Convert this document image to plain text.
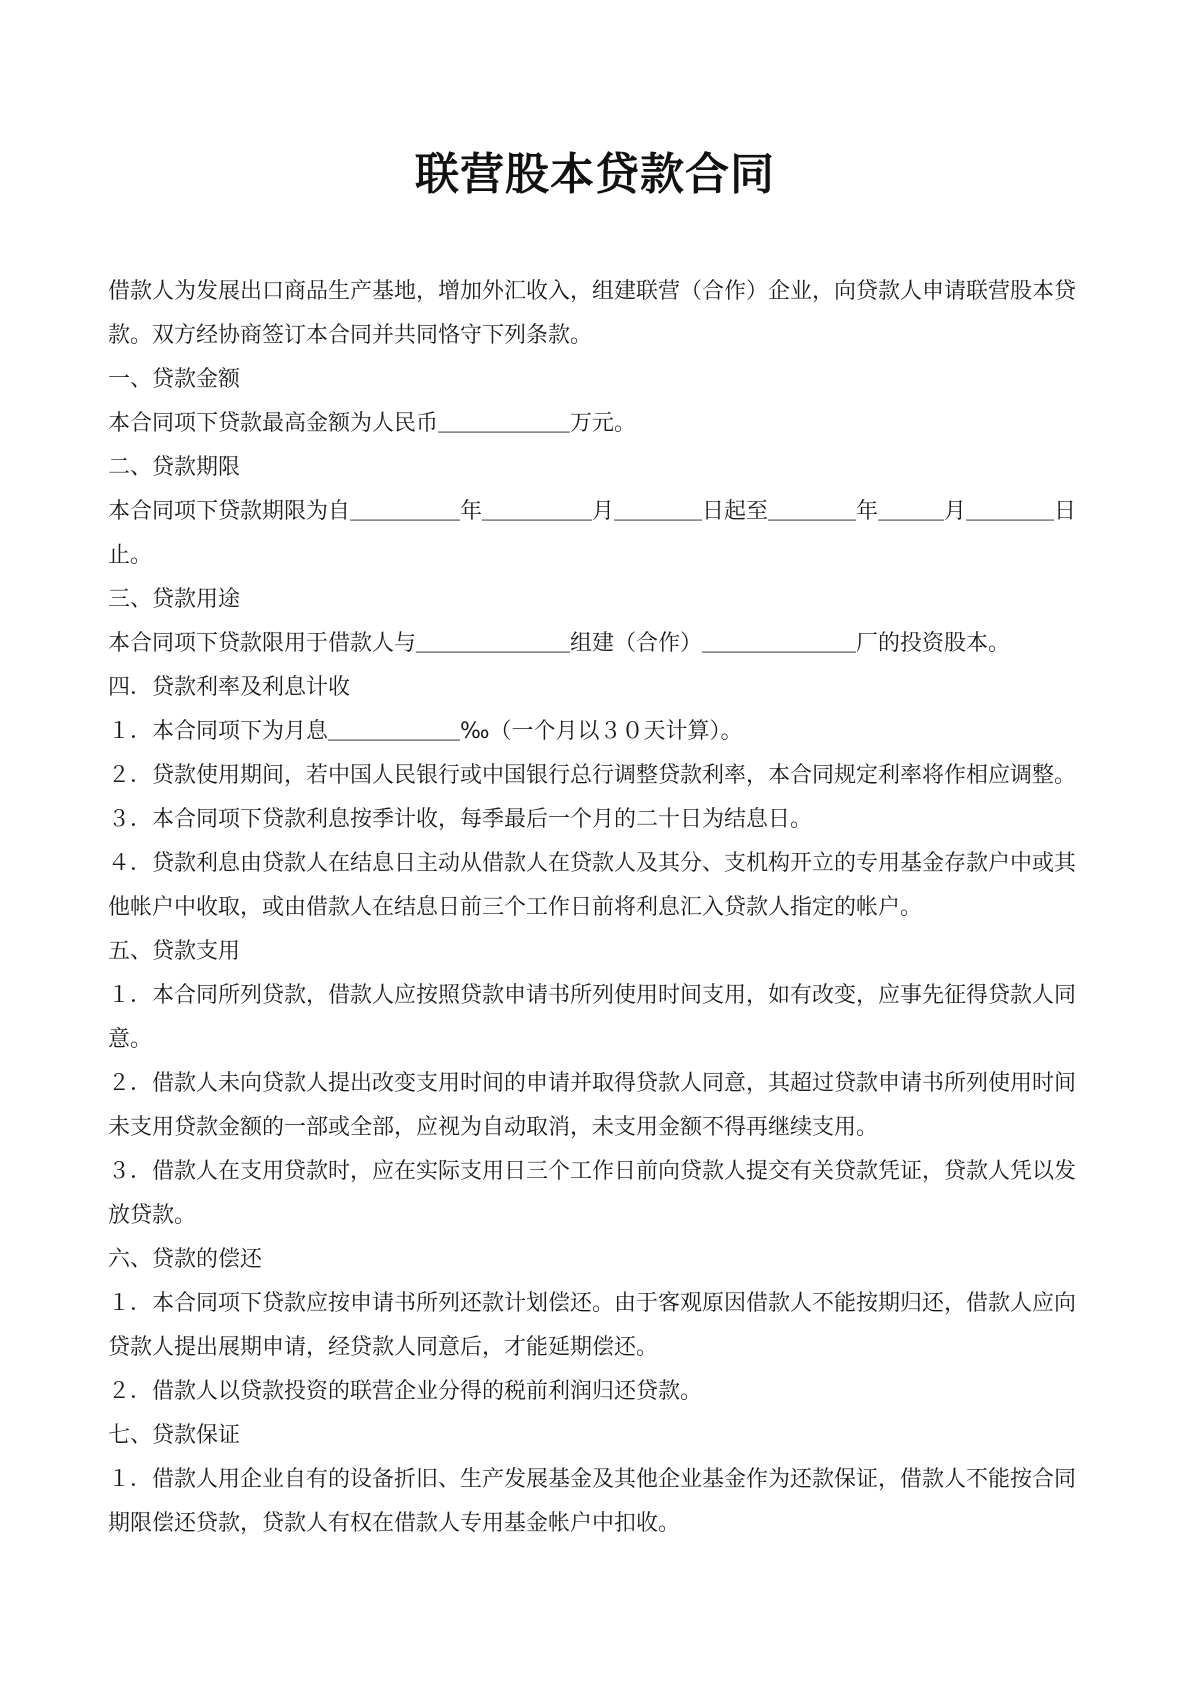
联营股本贷款合同

借款人为发展出口商品生产基地，增加外汇收入，组建联营（合作）企业，向贷款人申请联营股本贷款。双方经协商签订本合同并共同恪守下列条款。

一、贷款金额

本合同项下贷款最高金额为人民币＿＿＿＿＿＿万元。

二、贷款期限

本合同项下贷款期限为自＿＿＿＿＿年＿＿＿＿＿月＿＿＿＿日起至＿＿＿＿年＿＿＿月＿＿＿＿日止。

三、贷款用途

本合同项下贷款限用于借款人与＿＿＿＿＿＿＿组建（合作）＿＿＿＿＿＿＿厂的投资股本。

四．贷款利率及利息计收

１．本合同项下为月息＿＿＿＿＿＿‰（一个月以３０天计算）。

２．贷款使用期间，若中国人民银行或中国银行总行调整贷款利率，本合同规定利率将作相应调整。

３．本合同项下贷款利息按季计收，每季最后一个月的二十日为结息日。

４．贷款利息由贷款人在结息日主动从借款人在贷款人及其分、支机构开立的专用基金存款户中或其他帐户中收取，或由借款人在结息日前三个工作日前将利息汇入贷款人指定的帐户。

五、贷款支用

１．本合同所列贷款，借款人应按照贷款申请书所列使用时间支用，如有改变，应事先征得贷款人同意。

２．借款人未向贷款人提出改变支用时间的申请并取得贷款人同意，其超过贷款申请书所列使用时间未支用贷款金额的一部或全部，应视为自动取消，未支用金额不得再继续支用。

３．借款人在支用贷款时，应在实际支用日三个工作日前向贷款人提交有关贷款凭证，贷款人凭以发放贷款。

六、贷款的偿还

１．本合同项下贷款应按申请书所列还款计划偿还。由于客观原因借款人不能按期归还，借款人应向贷款人提出展期申请，经贷款人同意后，才能延期偿还。

２．借款人以贷款投资的联营企业分得的税前利润归还贷款。

七、贷款保证

１．借款人用企业自有的设备折旧、生产发展基金及其他企业基金作为还款保证，借款人不能按合同期限偿还贷款，贷款人有权在借款人专用基金帐户中扣收。
